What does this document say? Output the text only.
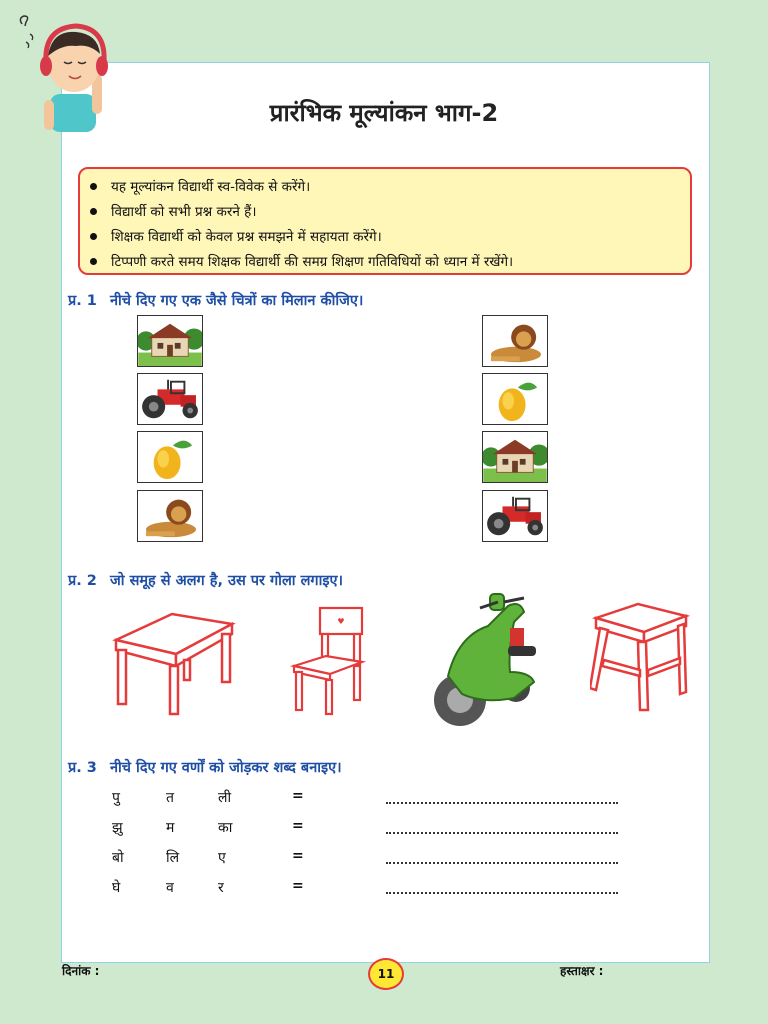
प्रारंभिक मूल्यांकन भाग-2
यह मूल्यांकन विद्यार्थी स्व-विवेक से करेंगे।
विद्यार्थी को सभी प्रश्न करने हैं।
शिक्षक विद्यार्थी को केवल प्रश्न समझने में सहायता करेंगे।
टिप्पणी करते समय शिक्षक विद्यार्थी की समग्र शिक्षण गतिविधियों को ध्यान में रखेंगे।
प्र. 1 नीचे दिए गए एक जैसे चित्रों का मिलान कीजिए।
प्र. 2 जो समूह से अलग है, उस पर गोला लगाइए।
♥
प्र. 3 नीचे दिए गए वर्णों को जोड़कर शब्द बनाइए।
पु	त	ली	=
झु	म	का	=
बो	लि	ए	=
घे	व	र	=
दिनांक :	11	हस्ताक्षर :
